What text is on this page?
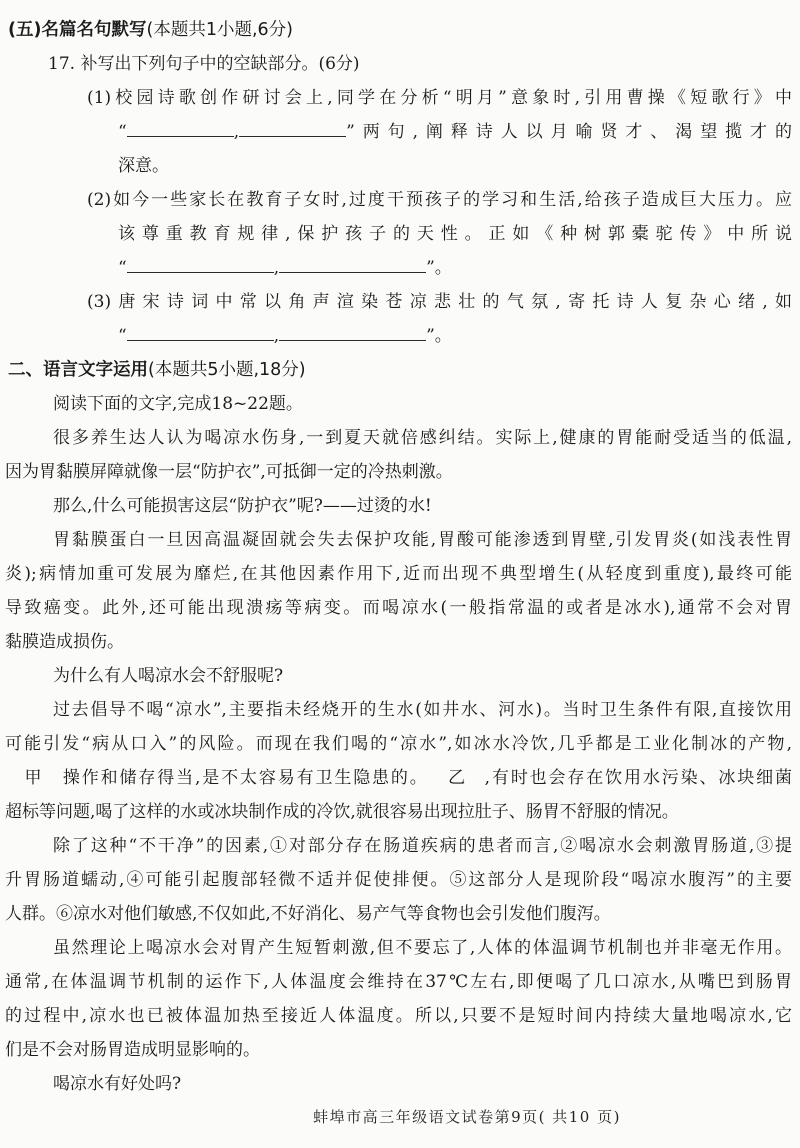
(五)名篇名句默写(本题共1小题,6分)
17. 补写出下列句子中的空缺部分。(6分)
(1)校园诗歌创作研讨会上,同学在分析“明月”意象时,引用曹操《短歌行》中
“	,	”两句,阐释诗人以月喻贤才、渴望揽才的
深意。
(2)如今一些家长在教育子女时,过度干预孩子的学习和生活,给孩子造成巨大压力。应
该尊重教育规律,保护孩子的天性。正如《种树郭橐驼传》中所说
“	,	”。
(3)唐宋诗词中常以角声渲染苍凉悲壮的气氛,寄托诗人复杂心绪,如
“	,	”。
二、语言文字运用(本题共5小题,18分)
阅读下面的文字,完成18~22题。
很多养生达人认为喝凉水伤身,一到夏天就倍感纠结。实际上,健康的胃能耐受适当的低温,
因为胃黏膜屏障就像一层“防护衣”,可抵御一定的冷热刺激。
那么,什么可能损害这层“防护衣”呢?——过烫的水!
胃黏膜蛋白一旦因高温凝固就会失去保护攻能,胃酸可能渗透到胃壁,引发胃炎(如浅表性胃
炎);病情加重可发展为靡烂,在其他因素作用下,近而出现不典型增生(从轻度到重度),最终可能
导致癌变。此外,还可能出现溃疡等病变。而喝凉水(一般指常温的或者是冰水),通常不会对胃
黏膜造成损伤。
为什么有人喝凉水会不舒服呢?
过去倡导不喝“凉水”,主要指未经烧开的生水(如井水、河水)。当时卫生条件有限,直接饮用
可能引发“病从口入”的风险。而现在我们喝的“凉水”,如冰水冷饮,几乎都是工业化制冰的产物,
甲 操作和储存得当,是不太容易有卫生隐患的。 乙 ,有时也会存在饮用水污染、冰块细菌
超标等问题,喝了这样的水或冰块制作成的冷饮,就很容易出现拉肚子、肠胃不舒服的情况。
除了这种“不干净”的因素,①对部分存在肠道疾病的患者而言,②喝凉水会刺激胃肠道,③提
升胃肠道蠕动,④可能引起腹部轻微不适并促使排便。⑤这部分人是现阶段“喝凉水腹泻”的主要
人群。⑥凉水对他们敏感,不仅如此,不好消化、易产气等食物也会引发他们腹泻。
虽然理论上喝凉水会对胃产生短暂刺激,但不要忘了,人体的体温调节机制也并非毫无作用。
通常,在体温调节机制的运作下,人体温度会维持在37℃左右,即便喝了几口凉水,从嘴巴到肠胃
的过程中,凉水也已被体温加热至接近人体温度。所以,只要不是短时间内持续大量地喝凉水,它
们是不会对肠胃造成明显影响的。
喝凉水有好处吗?
蚌埠市高三年级语文试卷第9页( 共10 页)
